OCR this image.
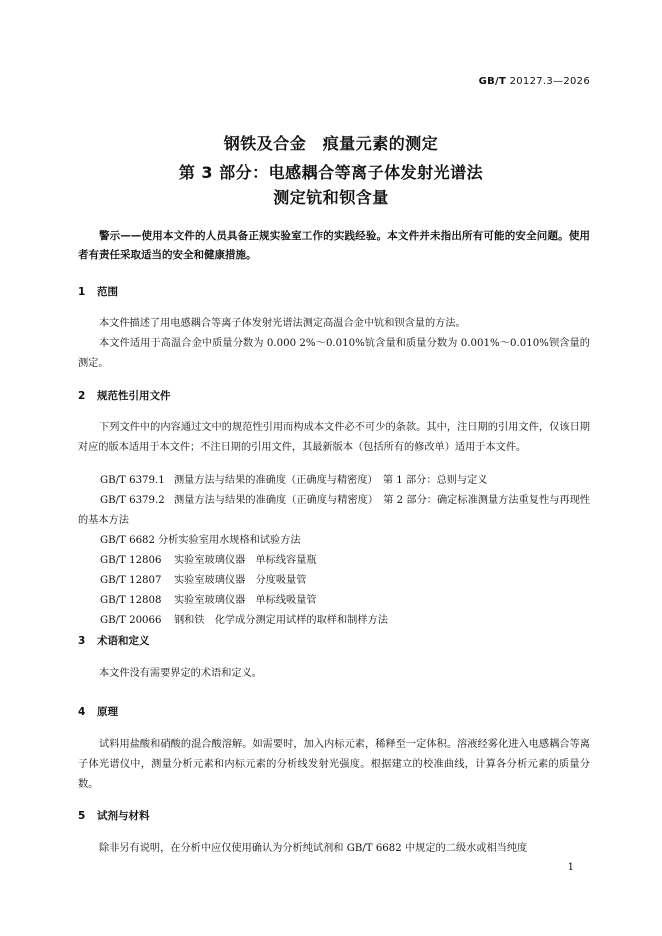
GB/T 20127.3—2026
钢铁及合金　痕量元素的测定
第 3 部分：电感耦合等离子体发射光谱法
测定钪和钡含量
警示——使用本文件的人员具备正规实验室工作的实践经验。本文件并未指出所有可能的安全问题。使用者有责任采取适当的安全和健康措施。
1 范围
本文件描述了用电感耦合等离子体发射光谱法测定高温合金中钪和钡含量的方法。
本文件适用于高温合金中质量分数为 0.000 2%～0.010%钪含量和质量分数为 0.001%～0.010%钡含量的测定。
2 规范性引用文件
下列文件中的内容通过文中的规范性引用而构成本文件必不可少的条款。其中，注日期的引用文件，仅该日期对应的版本适用于本文件；不注日期的引用文件，其最新版本（包括所有的修改单）适用于本文件。
GB/T 6379.1 测量方法与结果的准确度（正确度与精密度）　第 1 部分：总则与定义
GB/T 6379.2 测量方法与结果的准确度（正确度与精密度）　第 2 部分：确定标准测量方法重复性与再现性的基本方法
GB/T 6682 分析实验室用水规格和试验方法
GB/T 12806 实验室玻璃仪器　单标线容量瓶
GB/T 12807 实验室玻璃仪器　分度吸量管
GB/T 12808 实验室玻璃仪器　单标线吸量管
GB/T 20066 钢和铁　化学成分测定用试样的取样和制样方法
3 术语和定义
本文件没有需要界定的术语和定义。
4 原理
试料用盐酸和硝酸的混合酸溶解。如需要时，加入内标元素，稀释至一定体积。溶液经雾化进入电感耦合等离子体光谱仪中，测量分析元素和内标元素的分析线发射光强度。根据建立的校准曲线，计算各分析元素的质量分数。
5 试剂与材料
除非另有说明，在分析中应仅使用确认为分析纯试剂和 GB/T 6682 中规定的二级水或相当纯度
1
